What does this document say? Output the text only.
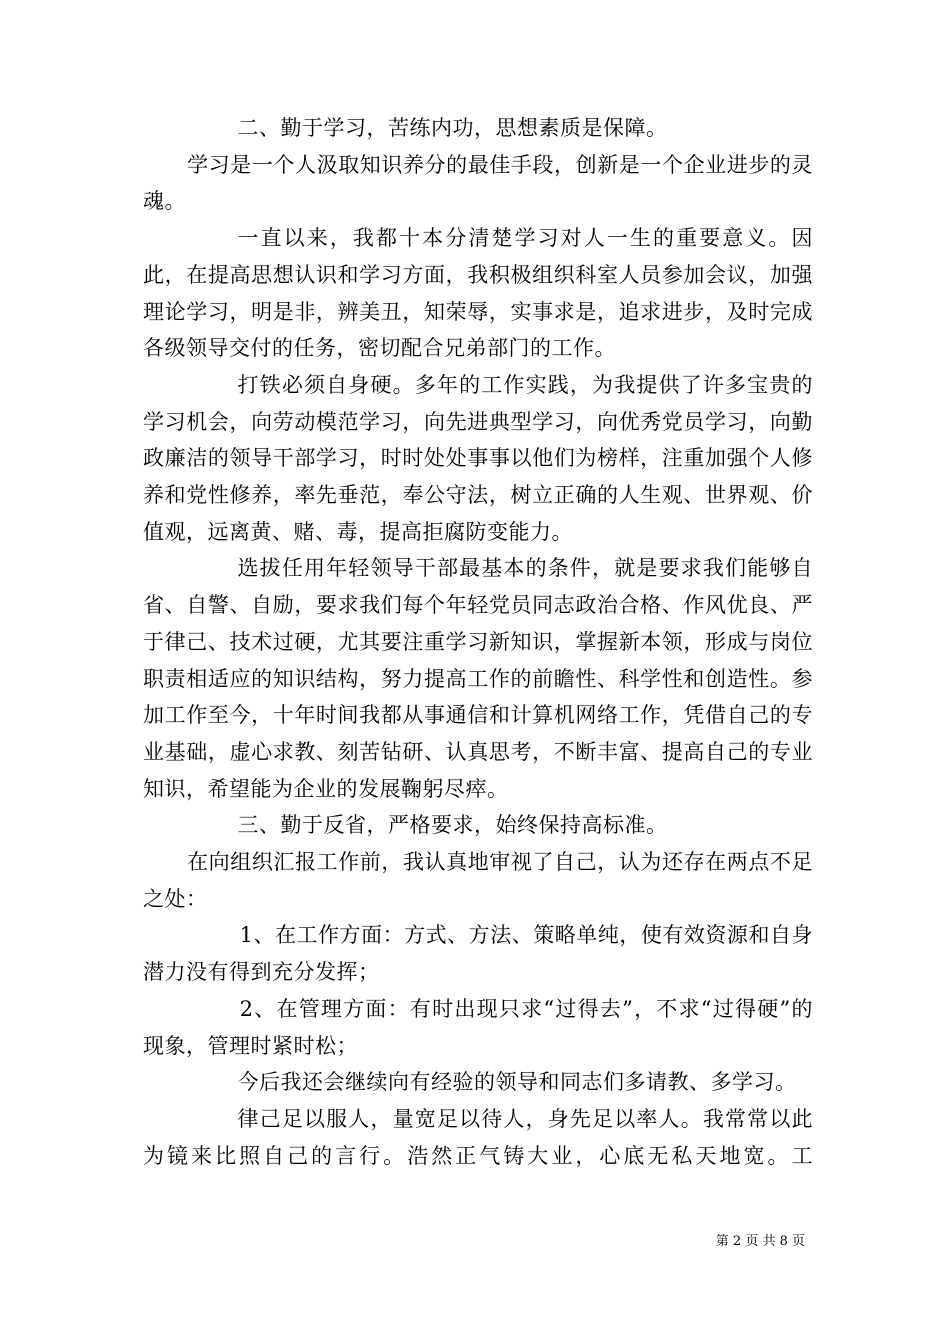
二、勤于学习，苦练内功，思想素质是保障。

学习是一个人汲取知识养分的最佳手段，创新是一个企业进步的灵魂。

一直以来，我都十本分清楚学习对人一生的重要意义。因此，在提高思想认识和学习方面，我积极组织科室人员参加会议，加强理论学习，明是非，辨美丑，知荣辱，实事求是，追求进步，及时完成各级领导交付的任务，密切配合兄弟部门的工作。

打铁必须自身硬。多年的工作实践，为我提供了许多宝贵的学习机会，向劳动模范学习，向先进典型学习，向优秀党员学习，向勤政廉洁的领导干部学习，时时处处事事以他们为榜样，注重加强个人修养和党性修养，率先垂范，奉公守法，树立正确的人生观、世界观、价值观，远离黄、赌、毒，提高拒腐防变能力。

选拔任用年轻领导干部最基本的条件，就是要求我们能够自省、自警、自励，要求我们每个年轻党员同志政治合格、作风优良、严于律己、技术过硬，尤其要注重学习新知识，掌握新本领，形成与岗位职责相适应的知识结构，努力提高工作的前瞻性、科学性和创造性。参加工作至今，十年时间我都从事通信和计算机网络工作，凭借自己的专业基础，虚心求教、刻苦钻研、认真思考，不断丰富、提高自己的专业知识，希望能为企业的发展鞠躬尽瘁。

三、勤于反省，严格要求，始终保持高标准。

在向组织汇报工作前，我认真地审视了自己，认为还存在两点不足之处：

1、在工作方面：方式、方法、策略单纯，使有效资源和自身潜力没有得到充分发挥；

2、在管理方面：有时出现只求“过得去”，不求“过得硬”的现象，管理时紧时松；

今后我还会继续向有经验的领导和同志们多请教、多学习。

律己足以服人，量宽足以待人，身先足以率人。我常常以此为镜来比照自己的言行。浩然正气铸大业，心底无私天地宽。工

第 2 页 共 8 页
